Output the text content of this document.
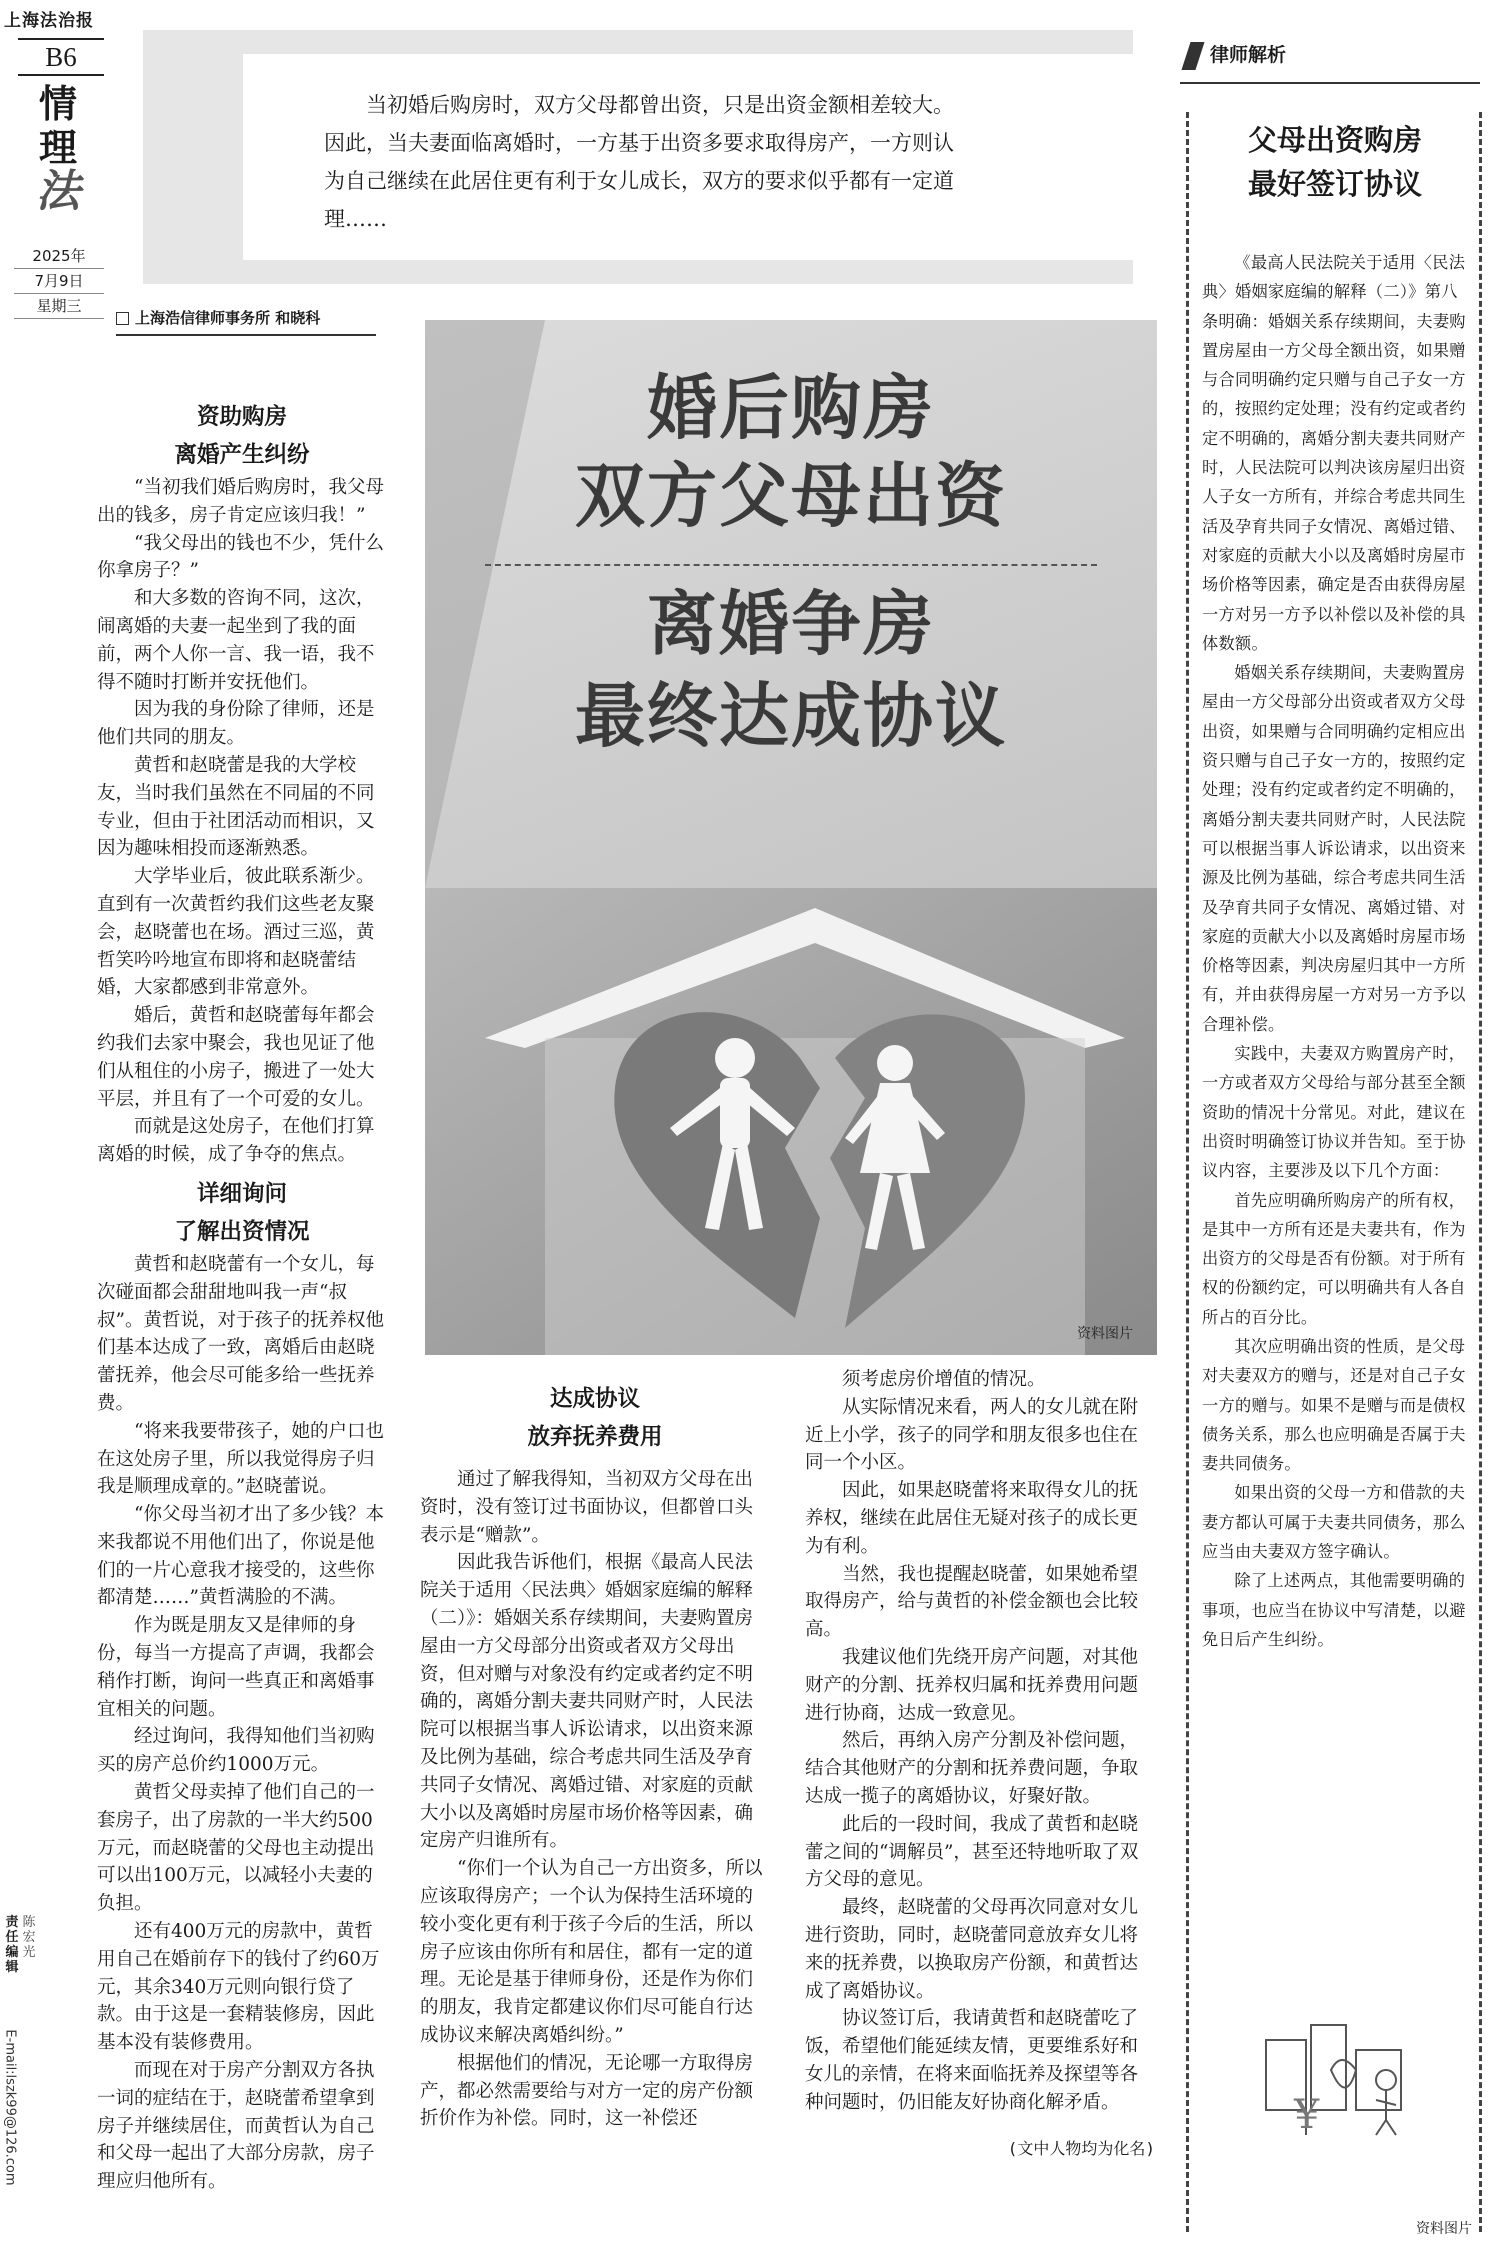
上海法治报
B6
情
理
法
2025年
7月9日
星期三
责任编辑
陈宏光
E-mail:lszk99@126.com

当初婚后购房时，双方父母都曾出资，只是出资金额相差较大。因此，当夫妻面临离婚时，一方基于出资多要求取得房产，一方则认为自己继续在此居住更有利于女儿成长，双方的要求似乎都有一定道理……

上海浩信律师事务所 和晓科
资助购房
离婚产生纠纷

“当初我们婚后购房时，我父母出的钱多，房子肯定应该归我！”

“我父母出的钱也不少，凭什么你拿房子？”

和大多数的咨询不同，这次，闹离婚的夫妻一起坐到了我的面前，两个人你一言、我一语，我不得不随时打断并安抚他们。

因为我的身份除了律师，还是他们共同的朋友。

黄哲和赵晓蕾是我的大学校友，当时我们虽然在不同届的不同专业，但由于社团活动而相识，又因为趣味相投而逐渐熟悉。

大学毕业后，彼此联系渐少。直到有一次黄哲约我们这些老友聚会，赵晓蕾也在场。酒过三巡，黄哲笑吟吟地宣布即将和赵晓蕾结婚，大家都感到非常意外。

婚后，黄哲和赵晓蕾每年都会约我们去家中聚会，我也见证了他们从租住的小房子，搬进了一处大平层，并且有了一个可爱的女儿。

而就是这处房子，在他们打算离婚的时候，成了争夺的焦点。

详细询问
了解出资情况

黄哲和赵晓蕾有一个女儿，每次碰面都会甜甜地叫我一声“叔叔”。黄哲说，对于孩子的抚养权他们基本达成了一致，离婚后由赵晓蕾抚养，他会尽可能多给一些抚养费。

“将来我要带孩子，她的户口也在这处房子里，所以我觉得房子归我是顺理成章的。”赵晓蕾说。

“你父母当初才出了多少钱？本来我都说不用他们出了，你说是他们的一片心意我才接受的，这些你都清楚……”黄哲满脸的不满。

作为既是朋友又是律师的身份，每当一方提高了声调，我都会稍作打断，询问一些真正和离婚事宜相关的问题。

经过询问，我得知他们当初购买的房产总价约1000万元。

黄哲父母卖掉了他们自己的一套房子，出了房款的一半大约500万元，而赵晓蕾的父母也主动提出可以出100万元，以减轻小夫妻的负担。

还有400万元的房款中，黄哲用自己在婚前存下的钱付了约60万元，其余340万元则向银行贷了款。由于这是一套精装修房，因此基本没有装修费用。

而现在对于房产分割双方各执一词的症结在于，赵晓蕾希望拿到房子并继续居住，而黄哲认为自己和父母一起出了大部分房款，房子理应归他所有。

婚后购房
双方父母出资
离婚争房
最终达成协议
资料图片
达成协议
放弃抚养费用

通过了解我得知，当初双方父母在出资时，没有签订过书面协议，但都曾口头表示是“赠款”。

因此我告诉他们，根据《最高人民法院关于适用〈民法典〉婚姻家庭编的解释（二）》：婚姻关系存续期间，夫妻购置房屋由一方父母部分出资或者双方父母出资，但对赠与对象没有约定或者约定不明确的，离婚分割夫妻共同财产时，人民法院可以根据当事人诉讼请求，以出资来源及比例为基础，综合考虑共同生活及孕育共同子女情况、离婚过错、对家庭的贡献大小以及离婚时房屋市场价格等因素，确定房产归谁所有。

“你们一个认为自己一方出资多，所以应该取得房产；一个认为保持生活环境的较小变化更有利于孩子今后的生活，所以房子应该由你所有和居住，都有一定的道理。无论是基于律师身份，还是作为你们的朋友，我肯定都建议你们尽可能自行达成协议来解决离婚纠纷。”

根据他们的情况，无论哪一方取得房产，都必然需要给与对方一定的房产份额折价作为补偿。同时，这一补偿还

须考虑房价增值的情况。

从实际情况来看，两人的女儿就在附近上小学，孩子的同学和朋友很多也住在同一个小区。

因此，如果赵晓蕾将来取得女儿的抚养权，继续在此居住无疑对孩子的成长更为有利。

当然，我也提醒赵晓蕾，如果她希望取得房产，给与黄哲的补偿金额也会比较高。

我建议他们先绕开房产问题，对其他财产的分割、抚养权归属和抚养费用问题进行协商，达成一致意见。

然后，再纳入房产分割及补偿问题，结合其他财产的分割和抚养费问题，争取达成一揽子的离婚协议，好聚好散。

此后的一段时间，我成了黄哲和赵晓蕾之间的“调解员”，甚至还特地听取了双方父母的意见。

最终，赵晓蕾的父母再次同意对女儿进行资助，同时，赵晓蕾同意放弃女儿将来的抚养费，以换取房产份额，和黄哲达成了离婚协议。

协议签订后，我请黄哲和赵晓蕾吃了饭，希望他们能延续友情，更要维系好和女儿的亲情，在将来面临抚养及探望等各种问题时，仍旧能友好协商化解矛盾。

(文中人物均为化名)
律师解析
父母出资购房
最好签订协议

《最高人民法院关于适用〈民法典〉婚姻家庭编的解释（二）》第八条明确：婚姻关系存续期间，夫妻购置房屋由一方父母全额出资，如果赠与合同明确约定只赠与自己子女一方的，按照约定处理；没有约定或者约定不明确的，离婚分割夫妻共同财产时，人民法院可以判决该房屋归出资人子女一方所有，并综合考虑共同生活及孕育共同子女情况、离婚过错、对家庭的贡献大小以及离婚时房屋市场价格等因素，确定是否由获得房屋一方对另一方予以补偿以及补偿的具体数额。

婚姻关系存续期间，夫妻购置房屋由一方父母部分出资或者双方父母出资，如果赠与合同明确约定相应出资只赠与自己子女一方的，按照约定处理；没有约定或者约定不明确的，离婚分割夫妻共同财产时，人民法院可以根据当事人诉讼请求，以出资来源及比例为基础，综合考虑共同生活及孕育共同子女情况、离婚过错、对家庭的贡献大小以及离婚时房屋市场价格等因素，判决房屋归其中一方所有，并由获得房屋一方对另一方予以合理补偿。

实践中，夫妻双方购置房产时，一方或者双方父母给与部分甚至全额资助的情况十分常见。对此，建议在出资时明确签订协议并告知。至于协议内容，主要涉及以下几个方面：

首先应明确所购房产的所有权，是其中一方所有还是夫妻共有，作为出资方的父母是否有份额。对于所有权的份额约定，可以明确共有人各自所占的百分比。

其次应明确出资的性质，是父母对夫妻双方的赠与，还是对自己子女一方的赠与。如果不是赠与而是债权债务关系，那么也应明确是否属于夫妻共同债务。

如果出资的父母一方和借款的夫妻方都认可属于夫妻共同债务，那么应当由夫妻双方签字确认。

除了上述两点，其他需要明确的事项，也应当在协议中写清楚，以避免日后产生纠纷。

¥
资料图片
